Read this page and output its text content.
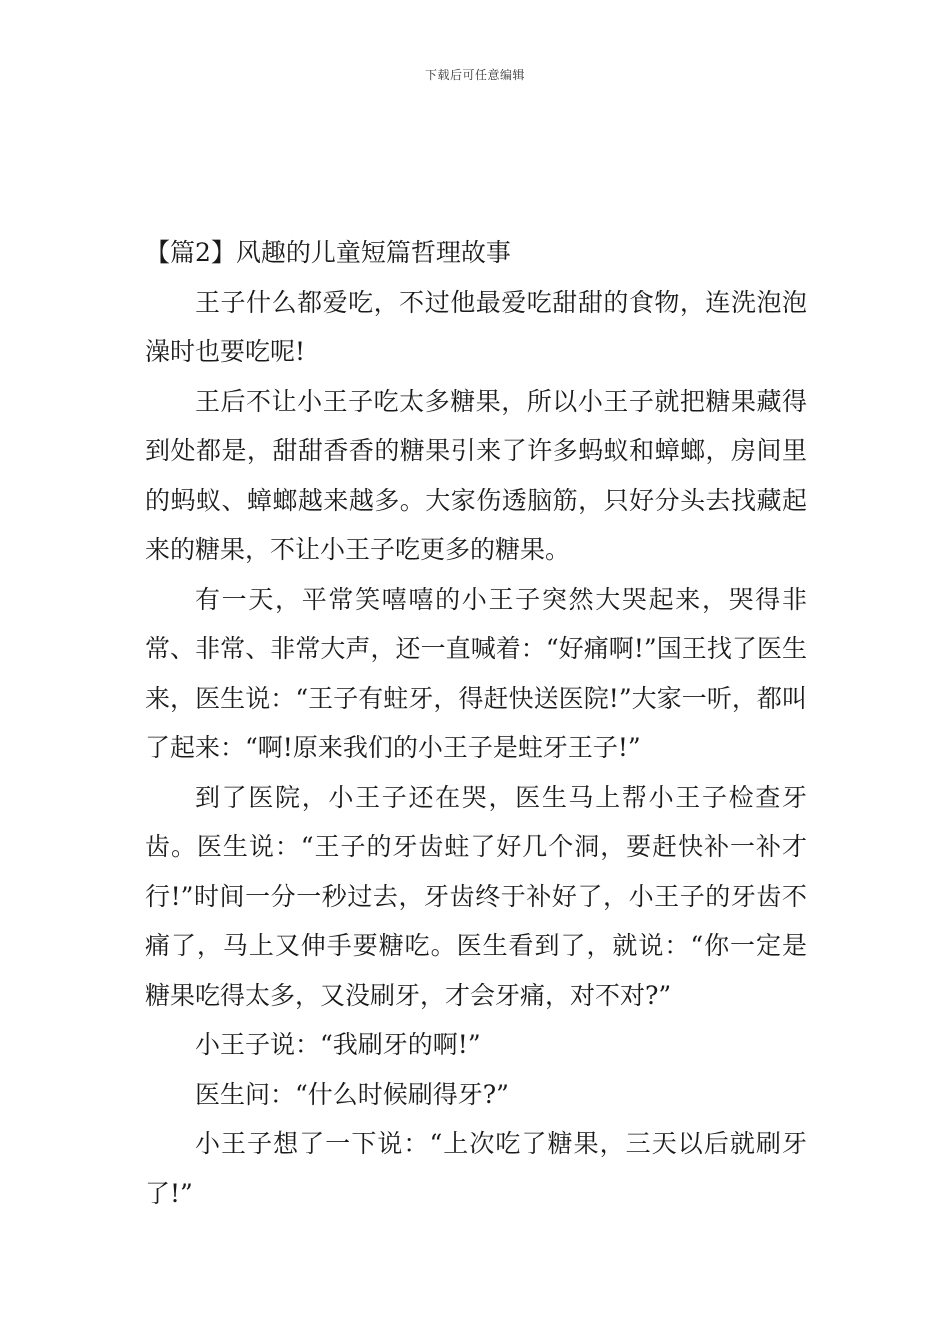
下载后可任意编辑
【篇2】风趣的儿童短篇哲理故事

王子什么都爱吃，不过他最爱吃甜甜的食物，连洗泡泡澡时也要吃呢!

王后不让小王子吃太多糖果，所以小王子就把糖果藏得到处都是，甜甜香香的糖果引来了许多蚂蚁和蟑螂，房间里的蚂蚁、蟑螂越来越多。大家伤透脑筋，只好分头去找藏起来的糖果，不让小王子吃更多的糖果。

有一天，平常笑嘻嘻的小王子突然大哭起来，哭得非常、非常、非常大声，还一直喊着：“好痛啊!”国王找了医生来，医生说：“王子有蛀牙，得赶快送医院!”大家一听，都叫了起来：“啊!原来我们的小王子是蛀牙王子!”

到了医院，小王子还在哭，医生马上帮小王子检查牙齿。医生说：“王子的牙齿蛀了好几个洞，要赶快补一补才行!”时间一分一秒过去，牙齿终于补好了，小王子的牙齿不痛了，马上又伸手要糖吃。医生看到了，就说：“你一定是糖果吃得太多，又没刷牙，才会牙痛，对不对?”

小王子说：“我刷牙的啊!”

医生问：“什么时候刷得牙?”

小王子想了一下说：“上次吃了糖果，三天以后就刷牙了!”
